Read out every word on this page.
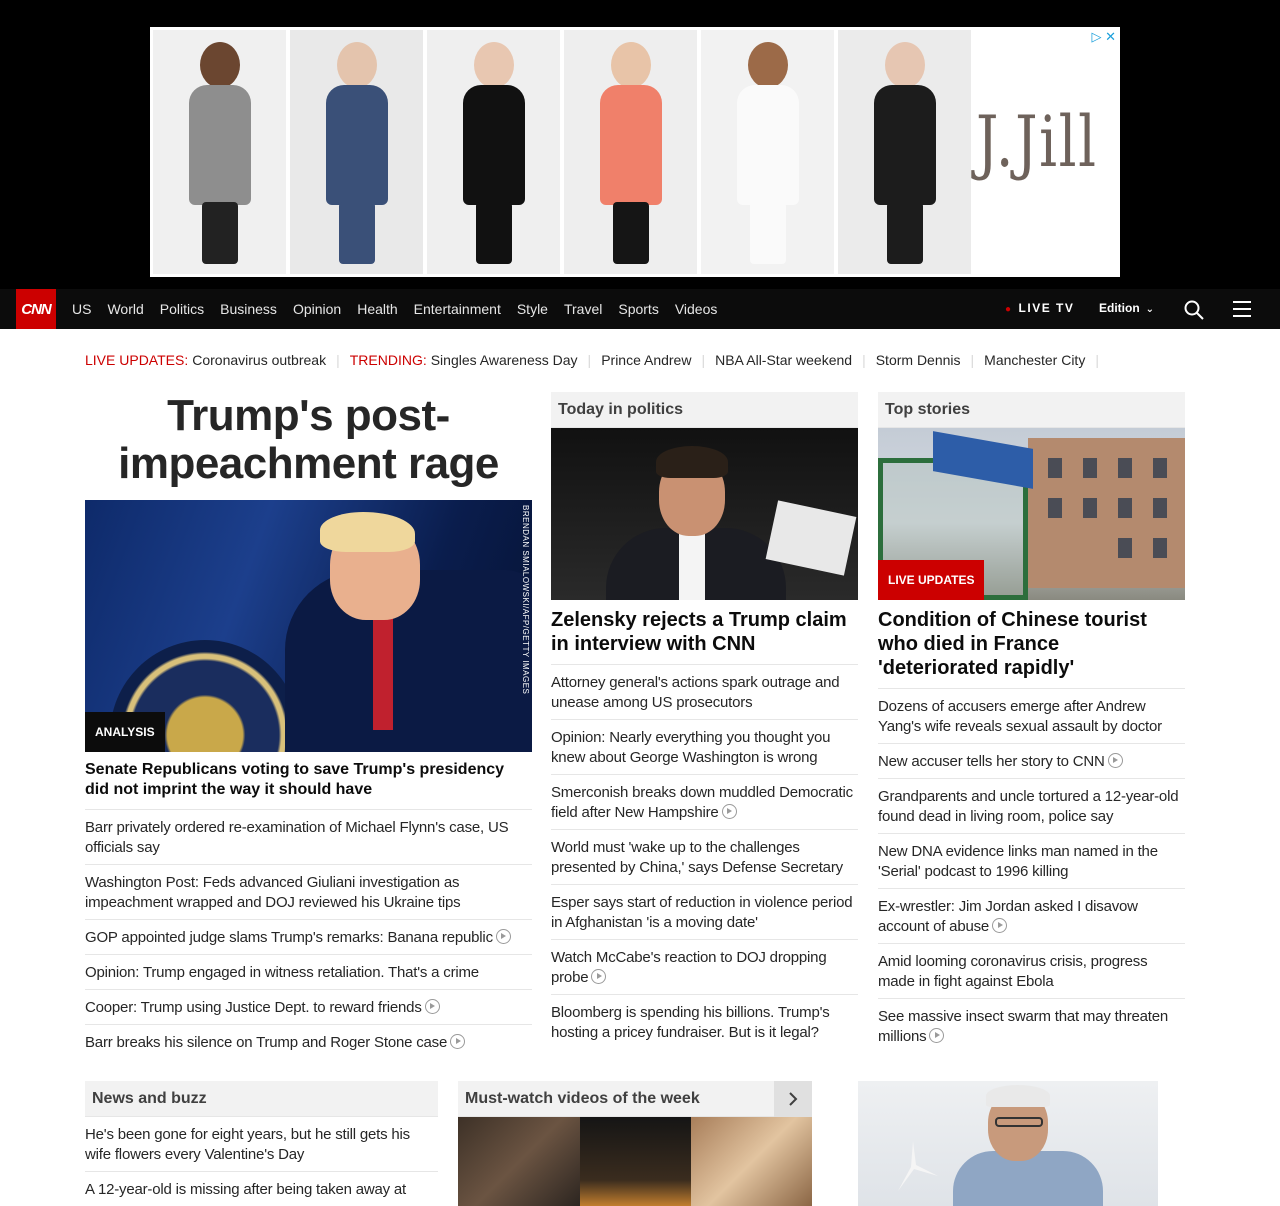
J.Jill
▷ ✕
CNN	US World Politics Business Opinion Health Entertainment Style Travel Sports Videos	● LIVE TV Edition ⌄
LIVE UPDATES: Coronavirus outbreak | TRENDING: Singles Awareness Day | Prince Andrew | NBA All-Star weekend | Storm Dennis | Manchester City |
Trump's post-impeachment rage
BRENDAN SMIALOWSKI/AFP/GETTY IMAGES
ANALYSIS
Senate Republicans voting to save Trump's presidency did not imprint the way it should have
Barr privately ordered re-examination of Michael Flynn's case, US officials say
Washington Post: Feds advanced Giuliani investigation as impeachment wrapped and DOJ reviewed his Ukraine tips
GOP appointed judge slams Trump's remarks: Banana republic
Opinion: Trump engaged in witness retaliation. That's a crime
Cooper: Trump using Justice Dept. to reward friends
Barr breaks his silence on Trump and Roger Stone case
Today in politics
Zelensky rejects a Trump claim in interview with CNN
Attorney general's actions spark outrage and unease among US prosecutors
Opinion: Nearly everything you thought you knew about George Washington is wrong
Smerconish breaks down muddled Democratic field after New Hampshire
World must 'wake up to the challenges presented by China,' says Defense Secretary
Esper says start of reduction in violence period in Afghanistan 'is a moving date'
Watch McCabe's reaction to DOJ dropping probe
Bloomberg is spending his billions. Trump's hosting a pricey fundraiser. But is it legal?
Top stories
LIVE UPDATES
Condition of Chinese tourist who died in France 'deteriorated rapidly'
Dozens of accusers emerge after Andrew Yang's wife reveals sexual assault by doctor
New accuser tells her story to CNN
Grandparents and uncle tortured a 12-year-old found dead in living room, police say
New DNA evidence links man named in the 'Serial' podcast to 1996 killing
Ex-wrestler: Jim Jordan asked I disavow account of abuse
Amid looming coronavirus crisis, progress made in fight against Ebola
See massive insect swarm that may threaten millions
News and buzz
He's been gone for eight years, but he still gets his wife flowers every Valentine's Day
A 12-year-old is missing after being taken away at
Must-watch videos of the week
